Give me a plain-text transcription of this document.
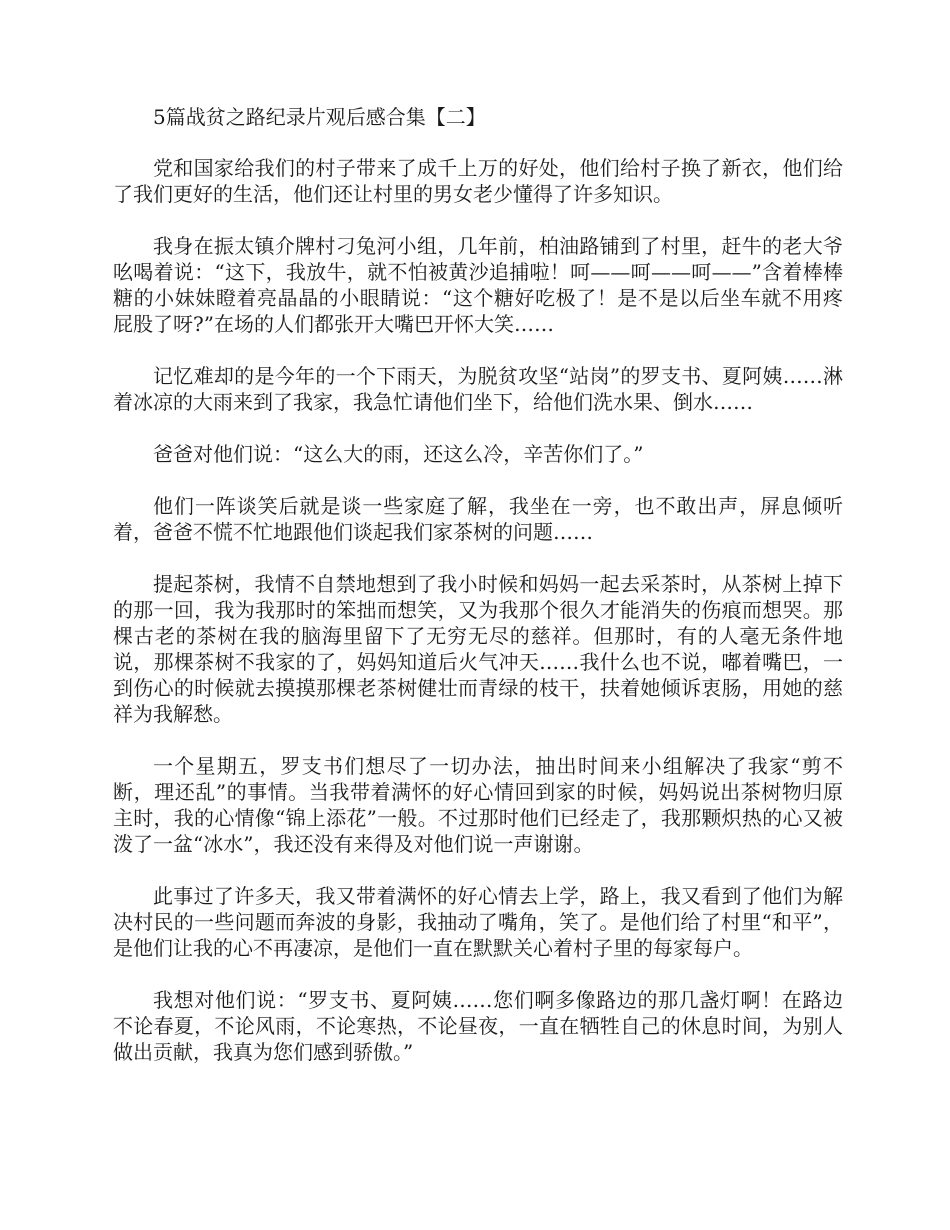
5篇战贫之路纪录片观后感合集【二】

党和国家给我们的村子带来了成千上万的好处，他们给村子换了新衣，他们给了我们更好的生活，他们还让村里的男女老少懂得了许多知识。

我身在振太镇介牌村刁兔河小组，几年前，柏油路铺到了村里，赶牛的老大爷吆喝着说：“这下，我放牛，就不怕被黄沙追捕啦！呵——呵——呵——”含着棒棒糖的小妹妹瞪着亮晶晶的小眼睛说：“这个糖好吃极了！是不是以后坐车就不用疼屁股了呀?”在场的人们都张开大嘴巴开怀大笑……

记忆难却的是今年的一个下雨天，为脱贫攻坚“站岗”的罗支书、夏阿姨……淋着冰凉的大雨来到了我家，我急忙请他们坐下，给他们洗水果、倒水……

爸爸对他们说：“这么大的雨，还这么冷，辛苦你们了。”

他们一阵谈笑后就是谈一些家庭了解，我坐在一旁，也不敢出声，屏息倾听着，爸爸不慌不忙地跟他们谈起我们家茶树的问题……

提起茶树，我情不自禁地想到了我小时候和妈妈一起去采茶时，从茶树上掉下的那一回，我为我那时的笨拙而想笑，又为我那个很久才能消失的伤痕而想哭。那棵古老的茶树在我的脑海里留下了无穷无尽的慈祥。但那时，有的人毫无条件地说，那棵茶树不我家的了，妈妈知道后火气冲天……我什么也不说，嘟着嘴巴，一到伤心的时候就去摸摸那棵老茶树健壮而青绿的枝干，扶着她倾诉衷肠，用她的慈祥为我解愁。

一个星期五，罗支书们想尽了一切办法，抽出时间来小组解决了我家“剪不断，理还乱”的事情。当我带着满怀的好心情回到家的时候，妈妈说出茶树物归原主时，我的心情像“锦上添花”一般。不过那时他们已经走了，我那颗炽热的心又被泼了一盆“冰水”，我还没有来得及对他们说一声谢谢。

此事过了许多天，我又带着满怀的好心情去上学，路上，我又看到了他们为解决村民的一些问题而奔波的身影，我抽动了嘴角，笑了。是他们给了村里“和平”，是他们让我的心不再凄凉，是他们一直在默默关心着村子里的每家每户。

我想对他们说：“罗支书、夏阿姨……您们啊多像路边的那几盏灯啊！在路边不论春夏，不论风雨，不论寒热，不论昼夜，一直在牺牲自己的休息时间，为别人做出贡献，我真为您们感到骄傲。”
